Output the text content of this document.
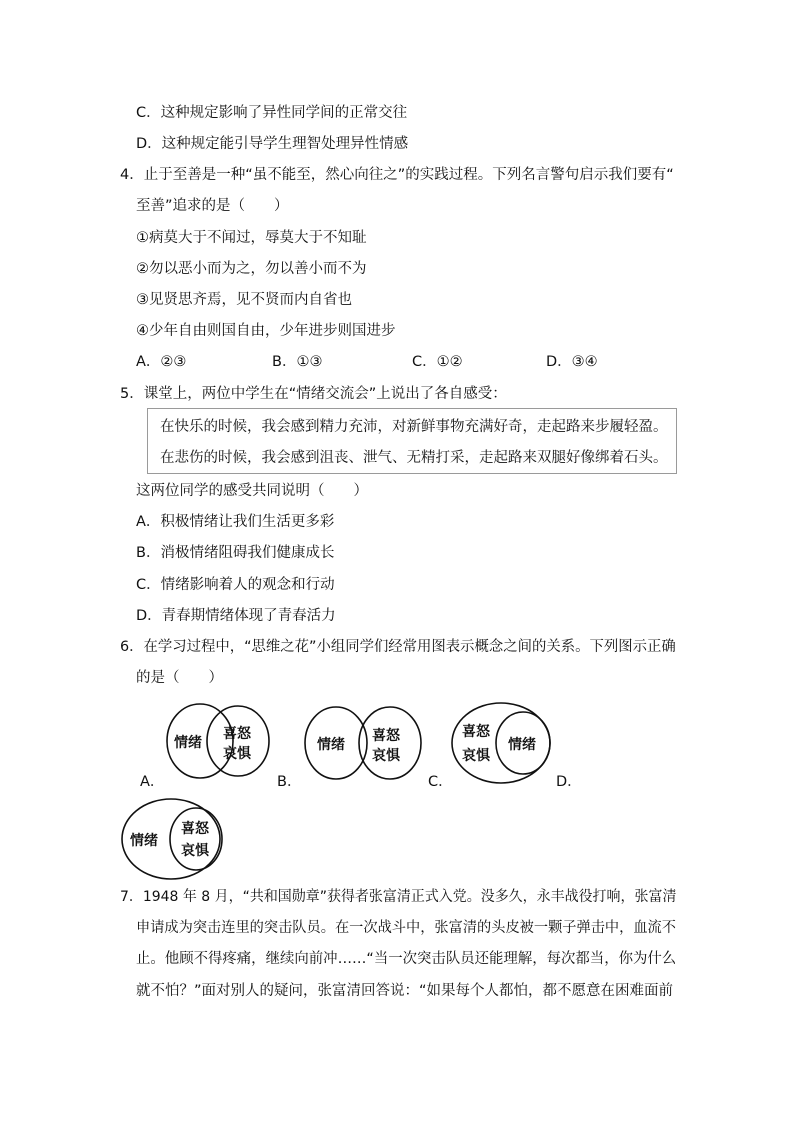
C．这种规定影响了异性同学间的正常交往
D．这种规定能引导学生理智处理异性情感
4．止于至善是一种“虽不能至，然心向往之”的实践过程。下列名言警句启示我们要有“
至善”追求的是（　　）
①病莫大于不闻过，辱莫大于不知耻
②勿以恶小而为之，勿以善小而不为
③见贤思齐焉，见不贤而内自省也
④少年自由则国自由，少年进步则国进步
A．②③	B．①③	C．①②	D．③④
5．课堂上，两位中学生在“情绪交流会”上说出了各自感受：
在快乐的时候，我会感到精力充沛，对新鲜事物充满好奇，走起路来步履轻盈。
在悲伤的时候，我会感到沮丧、泄气、无精打采，走起路来双腿好像绑着石头。
这两位同学的感受共同说明（　　）
A．积极情绪让我们生活更多彩
B．消极情绪阻碍我们健康成长
C．情绪影响着人的观念和行动
D．青春期情绪体现了青春活力
6．在学习过程中，“思维之花”小组同学们经常用图表示概念之间的关系。下列图示正确
的是（　　）
情绪
喜怒
哀惧
A．
情绪
喜怒
哀惧
B．
喜怒
哀惧
情绪
C．	D．
情绪
喜怒
哀惧
7．1948 年 8 月，“共和国勋章”获得者张富清正式入党。没多久，永丰战役打响，张富清
申请成为突击连里的突击队员。在一次战斗中，张富清的头皮被一颗子弹击中，血流不
止。他顾不得疼痛，继续向前冲……“当一次突击队员还能理解，每次都当，你为什么
就不怕？”面对别人的疑问，张富清回答说：“如果每个人都怕，都不愿意在困难面前
